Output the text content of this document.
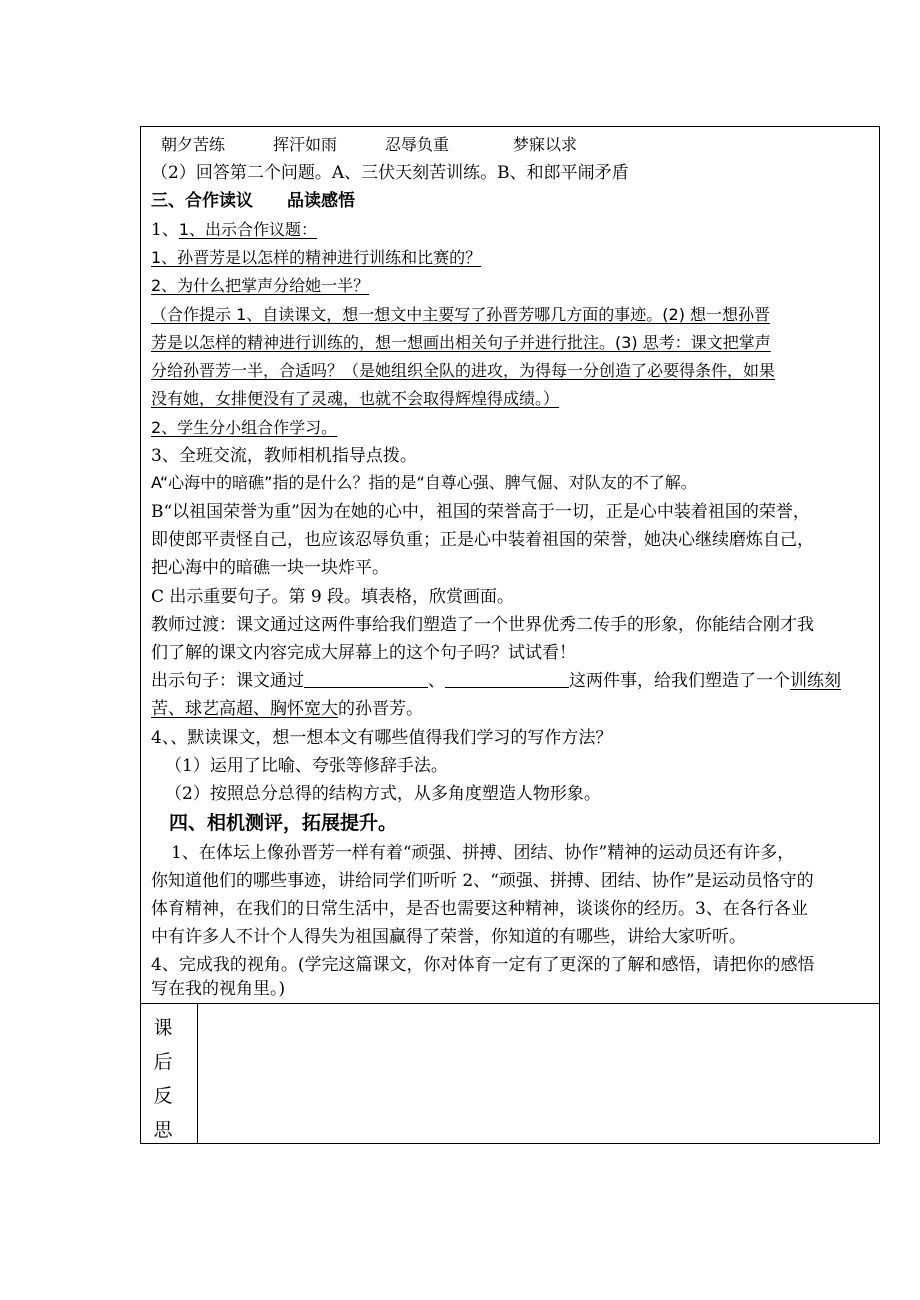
朝夕苦练　　　挥汗如雨　　　忍辱负重　　　　梦寐以求
（2）回答第二个问题。A、三伏天刻苦训练。B、和郎平闹矛盾
三、合作读议　　品读感悟
1、1、出示合作议题：
1、孙晋芳是以怎样的精神进行训练和比赛的？
2、为什么把掌声分给她一半？
（合作提示 1、自读课文，想一想文中主要写了孙晋芳哪几方面的事迹。(2) 想一想孙晋
芳是以怎样的精神进行训练的，想一想画出相关句子并进行批注。(3) 思考：课文把掌声
分给孙晋芳一半，合适吗？（是她组织全队的进攻，为得每一分创造了必要得条件，如果
没有她，女排便没有了灵魂，也就不会取得辉煌得成绩。）
2、学生分小组合作学习。
3、全班交流，教师相机指导点拨。
A“心海中的暗礁”指的是什么？指的是“自尊心强、脾气倔、对队友的不了解。
B“以祖国荣誉为重”因为在她的心中，祖国的荣誉高于一切，正是心中装着祖国的荣誉，
即使郎平责怪自己，也应该忍辱负重；正是心中装着祖国的荣誉，她决心继续磨炼自己，
把心海中的暗礁一块一块炸平。
C 出示重要句子。第 9 段。填表格，欣赏画面。
教师过渡：课文通过这两件事给我们塑造了一个世界优秀二传手的形象，你能结合刚才我
们了解的课文内容完成大屏幕上的这个句子吗？试试看！
出示句子：课文通过	、	这两件事，给我们塑造了一个训练刻
苦、球艺高超、胸怀宽大的孙晋芳。
4、、默读课文，想一想本文有哪些值得我们学习的写作方法？
（1）运用了比喻、夸张等修辞手法。
（2）按照总分总得的结构方式，从多角度塑造人物形象。
四、相机测评，拓展提升。
1、在体坛上像孙晋芳一样有着“顽强、拼搏、团结、协作”精神的运动员还有许多，
你知道他们的哪些事迹，讲给同学们听听 2、“顽强、拼搏、团结、协作”是运动员恪守的
体育精神，在我们的日常生活中，是否也需要这种精神，谈谈你的经历。3、在各行各业
中有许多人不计个人得失为祖国赢得了荣誉，你知道的有哪些，讲给大家听听。
4、完成我的视角。(学完这篇课文，你对体育一定有了更深的了解和感悟，请把你的感悟
写在我的视角里。)
课
后
反
思
